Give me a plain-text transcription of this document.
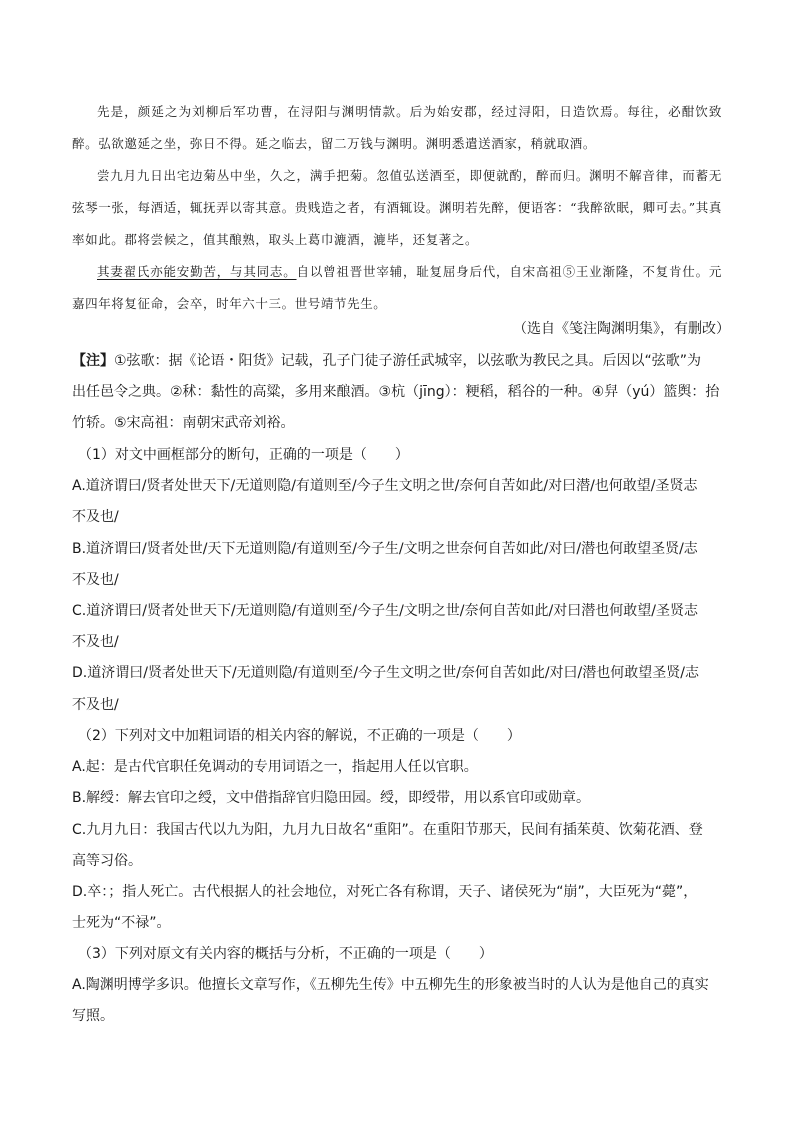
先是，颜延之为刘柳后军功曹，在浔阳与渊明情款。后为始安郡，经过浔阳，日造饮焉。每往，必酣饮致醉。弘欲邀延之坐，弥日不得。延之临去，留二万钱与渊明。渊明悉遣送酒家，稍就取酒。

尝九月九日出宅边菊丛中坐，久之，满手把菊。忽值弘送酒至，即便就酌，醉而归。渊明不解音律，而蓄无弦琴一张，每酒适，辄抚弄以寄其意。贵贱造之者，有酒辄设。渊明若先醉，便语客：“我醉欲眠，卿可去。”其真率如此。郡将尝候之，值其酿熟，取头上葛巾漉酒，漉毕，还复著之。

其妻翟氏亦能安勤苦，与其同志。自以曾祖晋世宰辅，耻复屈身后代，自宋高祖⑤王业渐隆，不复肯仕。元嘉四年将复征命，会卒，时年六十三。世号靖节先生。

（选自《笺注陶渊明集》，有删改）
【注】①弦歌：据《论语・阳货》记载，孔子门徒子游任武城宰，以弦歌为教民之具。后因以“弦歌”为
出任邑令之典。②秫：黏性的高粱，多用来酿酒。③杭（jīng）：粳稻，稻谷的一种。④舁（yú）篮舆：抬
竹轿。⑤宋高祖：南朝宋武帝刘裕。
（1）对文中画框部分的断句，正确的一项是（　　）
A.道济谓曰/贤者处世天下/无道则隐/有道则至/今子生文明之世/奈何自苦如此/对曰潜/也何敢望/圣贤志
不及也/
B.道济谓曰/贤者处世/天下无道则隐/有道则至/今子生/文明之世奈何自苦如此/对曰/潜也何敢望圣贤/志
不及也/
C.道济谓曰/贤者处世天下/无道则隐/有道则至/今子生/文明之世/奈何自苦如此/对曰潜也何敢望/圣贤志
不及也/
D.道济谓曰/贤者处世天下/无道则隐/有道则至/今子生文明之世/奈何自苦如此/对曰/潜也何敢望圣贤/志
不及也/
（2）下列对文中加粗词语的相关内容的解说，不正确的一项是（　　）
A.起：是古代官职任免调动的专用词语之一，指起用人任以官职。
B.解绶：解去官印之绶，文中借指辞官归隐田园。绶，即绶带，用以系官印或勋章。
C.九月九日：我国古代以九为阳，九月九日故名“重阳”。在重阳节那天，民间有插茱萸、饮菊花酒、登
高等习俗。
D.卒：；指人死亡。古代根据人的社会地位，对死亡各有称谓，天子、诸侯死为“崩”，大臣死为“薨”，
士死为“不禄”。
（3）下列对原文有关内容的概括与分析，不正确的一项是（　　）
A.陶渊明博学多识。他擅长文章写作，《五柳先生传》中五柳先生的形象被当时的人认为是他自己的真实
写照。
